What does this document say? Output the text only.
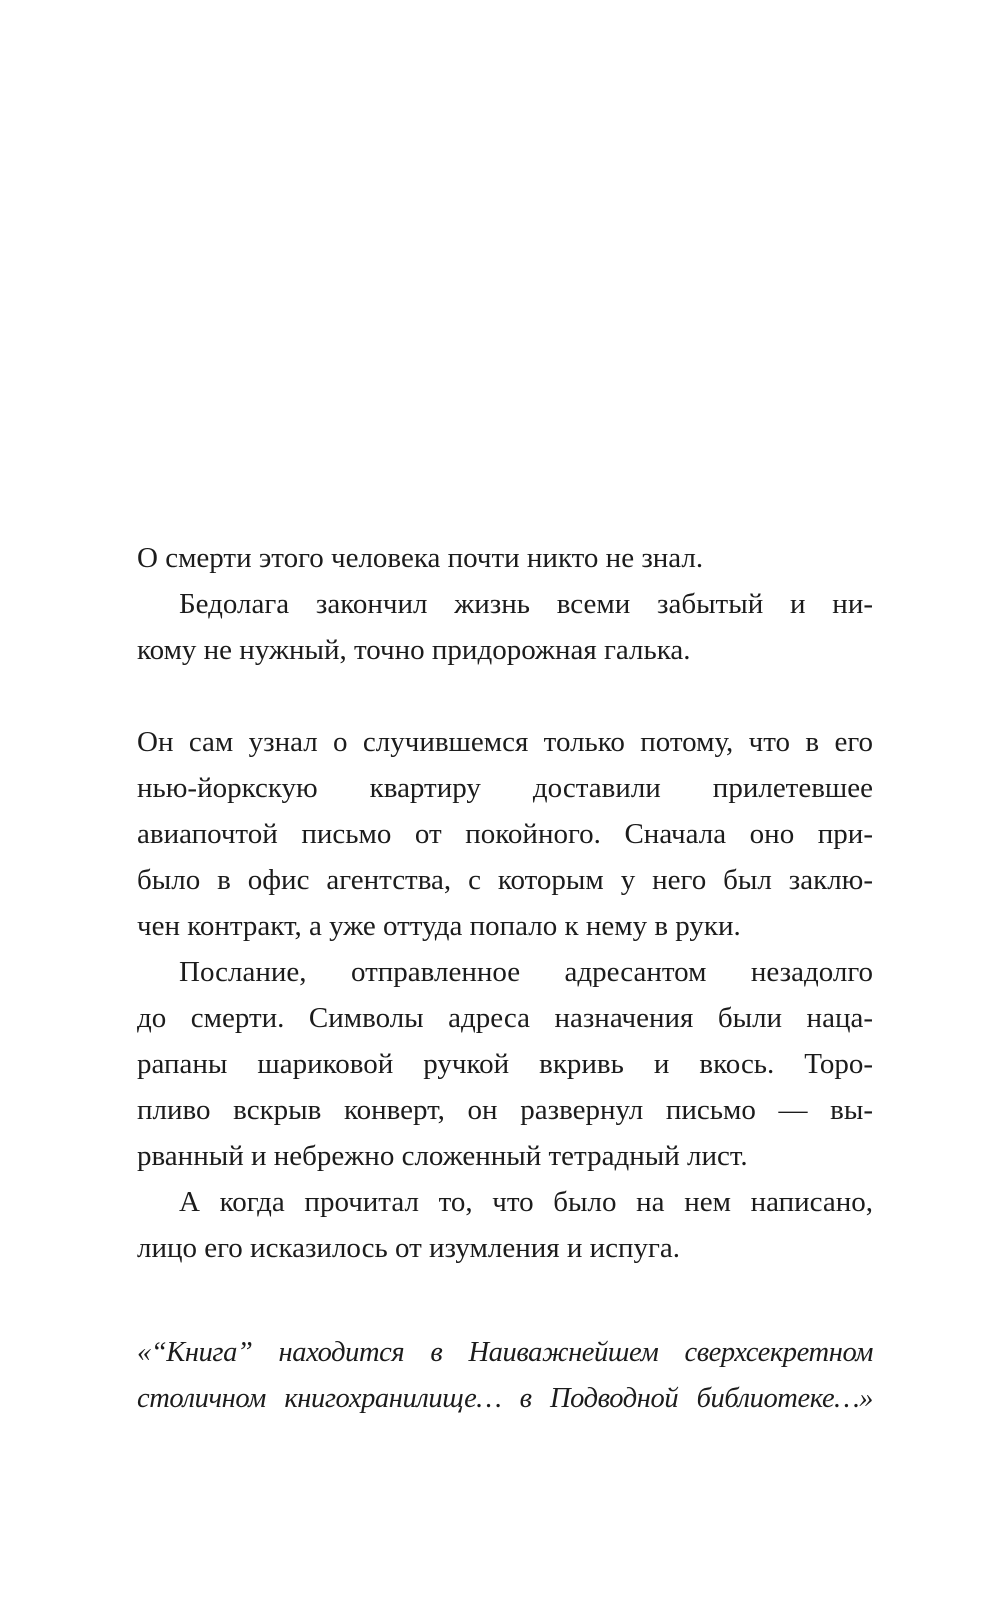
О смерти этого человека почти никто не знал.

Бедолага закончил жизнь всеми забытый и ни-
кому не нужный, точно придорожная галька.

Он сам узнал о случившемся только потому, что в его
нью-йоркскую квартиру доставили прилетевшее
авиапочтой письмо от покойного. Сначала оно при-
было в офис агентства, с которым у него был заклю-
чен контракт, а уже оттуда попало к нему в руки.

Послание, отправленное адресантом незадолго
до смерти. Символы адреса назначения были наца-
рапаны шариковой ручкой вкривь и вкось. Торо-
пливо вскрыв конверт, он развернул письмо — вы-
рванный и небрежно сложенный тетрадный лист.

А когда прочитал то, что было на нем написано,
лицо его исказилось от изумления и испуга.

«“Книга” находится в Наиважнейшем сверхсекретном
столичном книгохранилище… в Подводной библиотеке…»
